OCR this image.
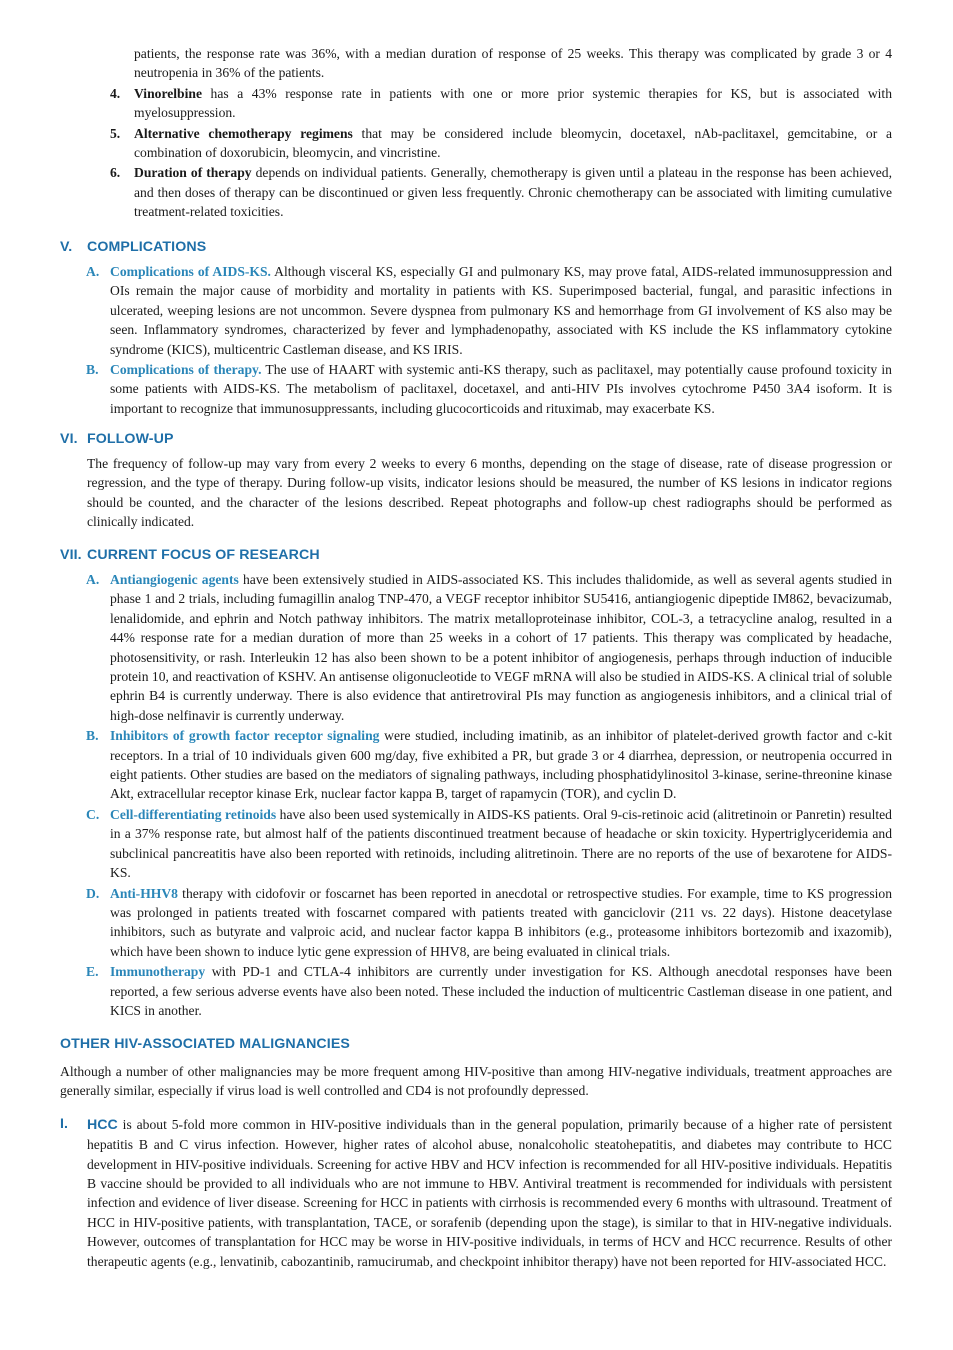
patients, the response rate was 36%, with a median duration of response of 25 weeks. This therapy was complicated by grade 3 or 4 neutropenia in 36% of the patients.

4. Vinorelbine has a 43% response rate in patients with one or more prior systemic therapies for KS, but is associated with myelosuppression.

5. Alternative chemotherapy regimens that may be considered include bleomycin, docetaxel, nAb-paclitaxel, gemcitabine, or a combination of doxorubicin, bleomycin, and vincristine.

6. Duration of therapy depends on individual patients. Generally, chemotherapy is given until a plateau in the response has been achieved, and then doses of therapy can be discontinued or given less frequently. Chronic chemotherapy can be associated with limiting cumulative treatment-related toxicities.

V. COMPLICATIONS
A. Complications of AIDS-KS. Although visceral KS, especially GI and pulmonary KS, may prove fatal, AIDS-related immunosuppression and OIs remain the major cause of morbidity and mortality in patients with KS. Superimposed bacterial, fungal, and parasitic infections in ulcerated, weeping lesions are not uncommon. Severe dyspnea from pulmonary KS and hemorrhage from GI involvement of KS also may be seen. Inflammatory syndromes, characterized by fever and lymphadenopathy, associated with KS include the KS inflammatory cytokine syndrome (KICS), multicentric Castleman disease, and KS IRIS.

B. Complications of therapy. The use of HAART with systemic anti-KS therapy, such as paclitaxel, may potentially cause profound toxicity in some patients with AIDS-KS. The metabolism of paclitaxel, docetaxel, and anti-HIV PIs involves cytochrome P450 3A4 isoform. It is important to recognize that immunosuppressants, including glucocorticoids and rituximab, may exacerbate KS.

VI. FOLLOW-UP

The frequency of follow-up may vary from every 2 weeks to every 6 months, depending on the stage of disease, rate of disease progression or regression, and the type of therapy. During follow-up visits, indicator lesions should be measured, the number of KS lesions in indicator regions should be counted, and the character of the lesions described. Repeat photographs and follow-up chest radiographs should be performed as clinically indicated.

VII. CURRENT FOCUS OF RESEARCH
A. Antiangiogenic agents have been extensively studied in AIDS-associated KS. This includes thalidomide, as well as several agents studied in phase 1 and 2 trials, including fumagillin analog TNP-470, a VEGF receptor inhibitor SU5416, antiangiogenic dipeptide IM862, bevacizumab, lenalidomide, and ephrin and Notch pathway inhibitors. The matrix metalloproteinase inhibitor, COL-3, a tetracycline analog, resulted in a 44% response rate for a median duration of more than 25 weeks in a cohort of 17 patients. This therapy was complicated by headache, photosensitivity, or rash. Interleukin 12 has also been shown to be a potent inhibitor of angiogenesis, perhaps through induction of inducible protein 10, and reactivation of KSHV. An antisense oligonucleotide to VEGF mRNA will also be studied in AIDS-KS. A clinical trial of soluble ephrin B4 is currently underway. There is also evidence that antiretroviral PIs may function as angiogenesis inhibitors, and a clinical trial of high-dose nelfinavir is currently underway.

B. Inhibitors of growth factor receptor signaling were studied, including imatinib, as an inhibitor of platelet-derived growth factor and c-kit receptors. In a trial of 10 individuals given 600 mg/day, five exhibited a PR, but grade 3 or 4 diarrhea, depression, or neutropenia occurred in eight patients. Other studies are based on the mediators of signaling pathways, including phosphatidylinositol 3-kinase, serine-threonine kinase Akt, extracellular receptor kinase Erk, nuclear factor kappa B, target of rapamycin (TOR), and cyclin D.

C. Cell-differentiating retinoids have also been used systemically in AIDS-KS patients. Oral 9-cis-retinoic acid (alitretinoin or Panretin) resulted in a 37% response rate, but almost half of the patients discontinued treatment because of headache or skin toxicity. Hypertriglyceridemia and subclinical pancreatitis have also been reported with retinoids, including alitretinoin. There are no reports of the use of bexarotene for AIDS-KS.

D. Anti-HHV8 therapy with cidofovir or foscarnet has been reported in anecdotal or retrospective studies. For example, time to KS progression was prolonged in patients treated with foscarnet compared with patients treated with ganciclovir (211 vs. 22 days). Histone deacetylase inhibitors, such as butyrate and valproic acid, and nuclear factor kappa B inhibitors (e.g., proteasome inhibitors bortezomib and ixazomib), which have been shown to induce lytic gene expression of HHV8, are being evaluated in clinical trials.

E. Immunotherapy with PD-1 and CTLA-4 inhibitors are currently under investigation for KS. Although anecdotal responses have been reported, a few serious adverse events have also been noted. These included the induction of multicentric Castleman disease in one patient, and KICS in another.

OTHER HIV-ASSOCIATED MALIGNANCIES

Although a number of other malignancies may be more frequent among HIV-positive than among HIV-negative individuals, treatment approaches are generally similar, especially if virus load is well controlled and CD4 is not profoundly depressed.

I. HCC is about 5-fold more common in HIV-positive individuals than in the general population, primarily because of a higher rate of persistent hepatitis B and C virus infection. However, higher rates of alcohol abuse, nonalcoholic steatohepatitis, and diabetes may contribute to HCC development in HIV-positive individuals. Screening for active HBV and HCV infection is recommended for all HIV-positive individuals. Hepatitis B vaccine should be provided to all individuals who are not immune to HBV. Antiviral treatment is recommended for individuals with persistent infection and evidence of liver disease. Screening for HCC in patients with cirrhosis is recommended every 6 months with ultrasound. Treatment of HCC in HIV-positive patients, with transplantation, TACE, or sorafenib (depending upon the stage), is similar to that in HIV-negative individuals. However, outcomes of transplantation for HCC may be worse in HIV-positive individuals, in terms of HCV and HCC recurrence. Results of other therapeutic agents (e.g., lenvatinib, cabozantinib, ramucirumab, and checkpoint inhibitor therapy) have not been reported for HIV-associated HCC.
